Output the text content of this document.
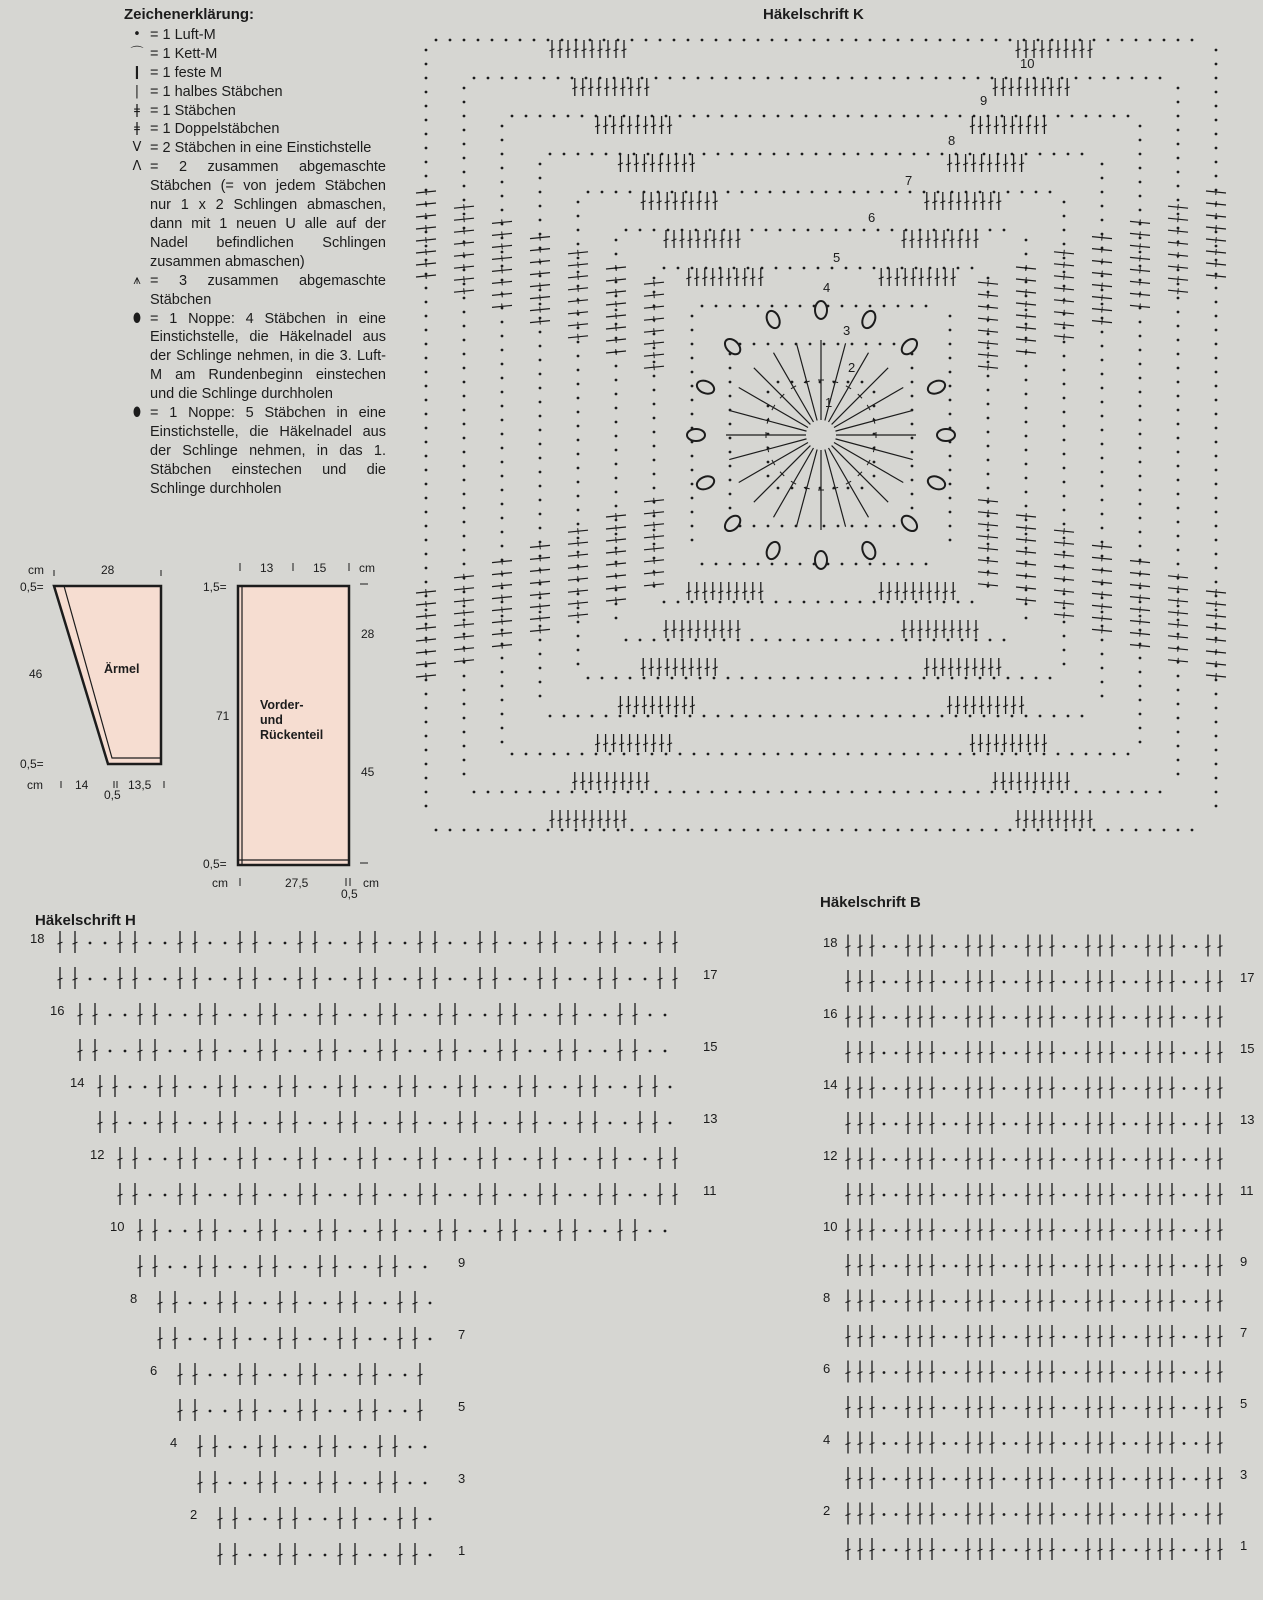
Zeichenerklärung:
• = 1 Luft-M
⌒ = 1 Kett-M
❙ = 1 feste M
| = 1 halbes Stäbchen
ǂ = 1 Stäbchen
ǂ = 1 Doppelstäbchen
V = 2 Stäbchen in eine Einstichstelle
Λ = 2 zusammen abgemaschte Stäbchen (= von jedem Stäbchen nur 1 x 2 Schlingen abmaschen, dann mit 1 neuen U alle auf der Nadel befindlichen Schlingen zusammen abmaschen)
⩚ = 3 zusammen abgemaschte Stäbchen
⬮ = 1 Noppe: 4 Stäbchen in eine Einstichstelle, die Häkelnadel aus der Schlinge nehmen, in die 3. Luft-M am Rundenbeginn einstechen und die Schlinge durchholen
⬮ = 1 Noppe: 5 Stäbchen in eine Einstichstelle, die Häkelnadel aus der Schlinge nehmen, in das 1. Stäbchen einstechen und die Schlinge durchholen
cm	28
0,5=
46	Ärmel
0,5=
cm	14	13,5
0,5
13	15	cm
1,5=
28
71
Vorder-
und
Rückenteil
45
0,5=
cm	27,5	cm
0,5
Häkelschrift K
1
2
3
4
5
6
7
8
9
10
Häkelschrift H
1
2
3
4
5
6
7
8
9
10
11
12
13
14
15
16
17
18
Häkelschrift B
1
2
3
4
5
6
7
8
9
10
11
12
13
14
15
16
17
18
